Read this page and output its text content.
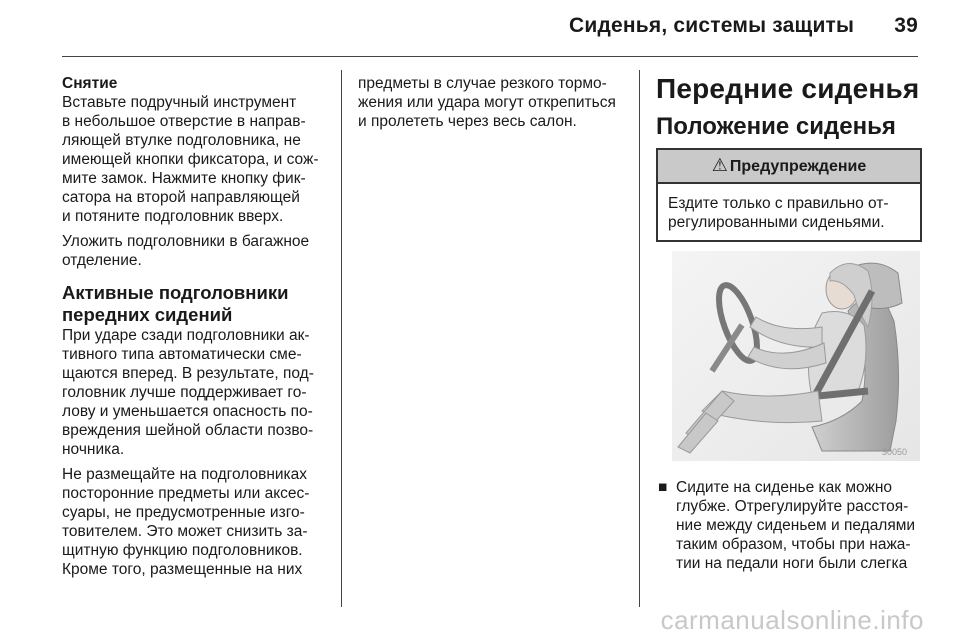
Сиденья, системы защиты 39
Снятие

Вставьте подручный инструмент
в небольшое отверстие в направ-
ляющей втулке подголовника, не
имеющей кнопки фиксатора, и сож-
мите замок. Нажмите кнопку фик-
сатора на второй направляющей
и потяните подголовник вверх.

Уложить подголовники в багажное
отделение.

Активные подголовники
передних сидений

При ударе сзади подголовники ак-
тивного типа автоматически сме-
щаются вперед. В результате, под-
головник лучше поддерживает го-
лову и уменьшается опасность по-
вреждения шейной области позво-
ночника.

Не размещайте на подголовниках
посторонние предметы или аксес-
суары, не предусмотренные изго-
товителем. Это может снизить за-
щитную функцию подголовников.
Кроме того, размещенные на них

предметы в случае резкого тормо-
жения или удара могут открепиться
и пролететь через весь салон.

Передние сиденья
Положение сиденья
⚠ Предупреждение
Ездите только с правильно от-
регулированными сиденьями.
30050
■ Сидите на сиденье как можно
глубже. Отрегулируйте расстоя-
ние между сиденьем и педалями
таким образом, чтобы при нажа-
тии на педали ноги были слегка
carmanualsonline.info
